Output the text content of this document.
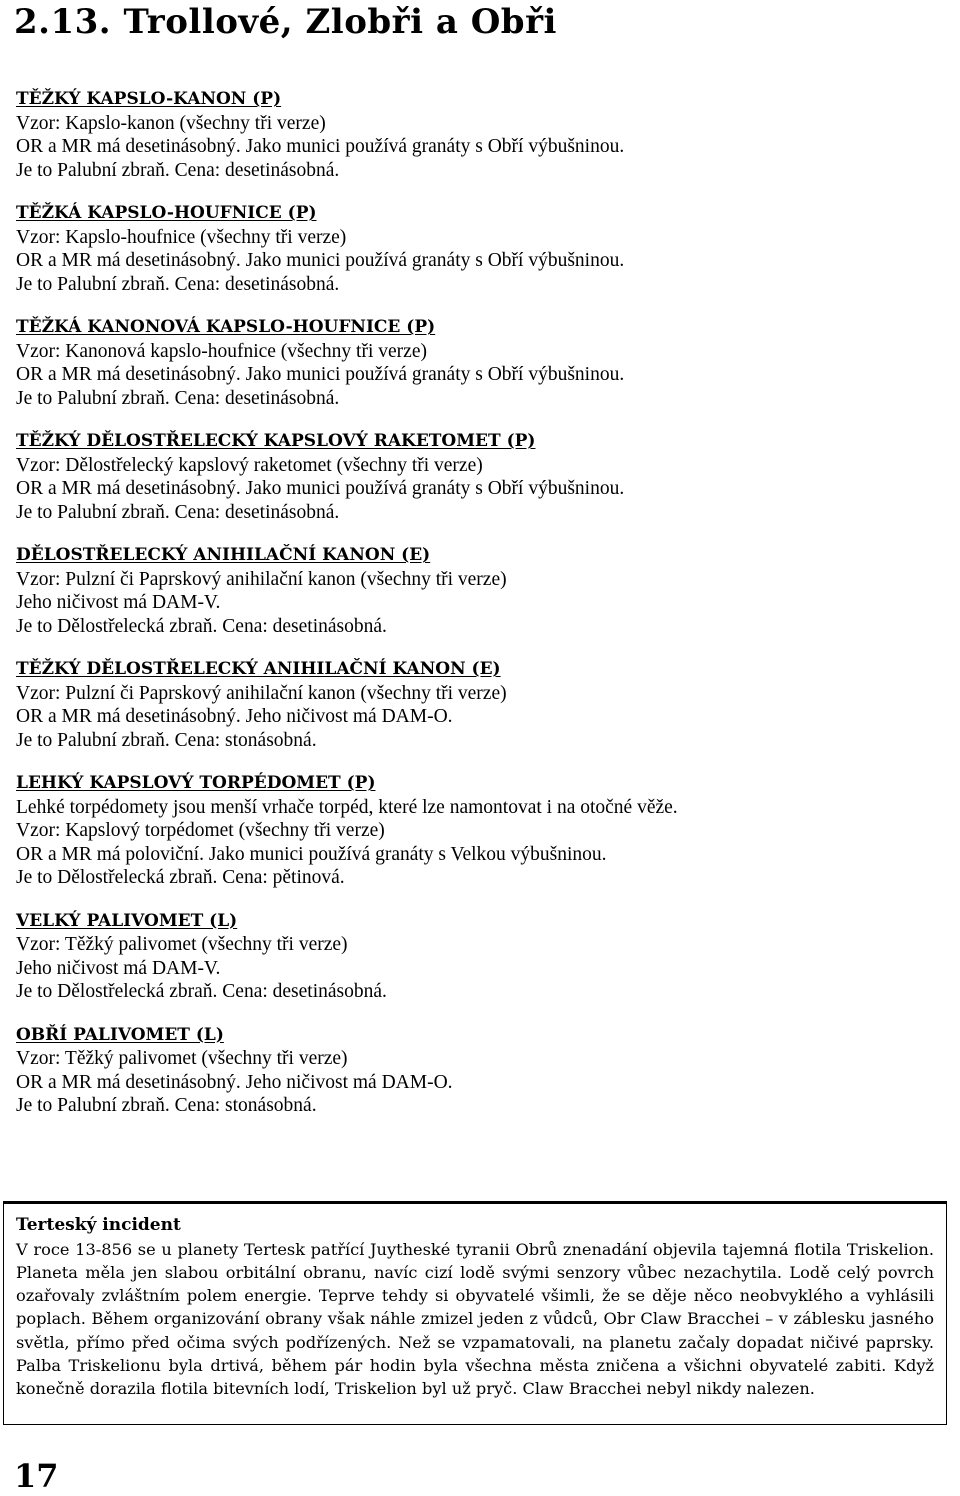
2.13. Trollové, Zlobři a Obři
TĚŽKÝ KAPSLO-KANON (P)
Vzor: Kapslo-kanon (všechny tři verze)
OR a MR má desetinásobný. Jako munici používá granáty s Obří výbušninou.
Je to Palubní zbraň. Cena: desetinásobná.
TĚŽKÁ KAPSLO-HOUFNICE (P)
Vzor: Kapslo-houfnice (všechny tři verze)
OR a MR má desetinásobný. Jako munici používá granáty s Obří výbušninou.
Je to Palubní zbraň. Cena: desetinásobná.
TĚŽKÁ KANONOVÁ KAPSLO-HOUFNICE (P)
Vzor: Kanonová kapslo-houfnice (všechny tři verze)
OR a MR má desetinásobný. Jako munici používá granáty s Obří výbušninou.
Je to Palubní zbraň. Cena: desetinásobná.
TĚŽKÝ DĚLOSTŘELECKÝ KAPSLOVÝ RAKETOMET (P)
Vzor: Dělostřelecký kapslový raketomet (všechny tři verze)
OR a MR má desetinásobný. Jako munici používá granáty s Obří výbušninou.
Je to Palubní zbraň. Cena: desetinásobná.
DĚLOSTŘELECKÝ ANIHILAČNÍ KANON (E)
Vzor: Pulzní či Paprskový anihilační kanon (všechny tři verze)
Jeho ničivost má DAM-V.
Je to Dělostřelecká zbraň. Cena: desetinásobná.
TĚŽKÝ DĚLOSTŘELECKÝ ANIHILAČNÍ KANON (E)
Vzor: Pulzní či Paprskový anihilační kanon (všechny tři verze)
OR a MR má desetinásobný. Jeho ničivost má DAM-O.
Je to Palubní zbraň. Cena: stonásobná.
LEHKÝ KAPSLOVÝ TORPÉDOMET (P)
Lehké torpédomety jsou menší vrhače torpéd, které lze namontovat i na otočné věže.
Vzor: Kapslový torpédomet (všechny tři verze)
OR a MR má poloviční. Jako munici používá granáty s Velkou výbušninou.
Je to Dělostřelecká zbraň. Cena: pětinová.
VELKÝ PALIVOMET (L)
Vzor: Těžký palivomet (všechny tři verze)
Jeho ničivost má DAM-V.
Je to Dělostřelecká zbraň. Cena: desetinásobná.
OBŘÍ PALIVOMET (L)
Vzor: Těžký palivomet (všechny tři verze)
OR a MR má desetinásobný. Jeho ničivost má DAM-O.
Je to Palubní zbraň. Cena: stonásobná.
Terteský incident

V roce 13-856 se u planety Tertesk patřící Juytheské tyranii Obrů znenadání objevila tajemná flotila Triskelion. Planeta měla jen slabou orbitální obranu, navíc cizí lodě svými senzory vůbec nezachytila. Lodě celý povrch ozařovaly zvláštním polem energie. Teprve tehdy si obyvatelé všimli, že se děje něco neobvyklého a vyhlásili poplach. Během organizování obrany však náhle zmizel jeden z vůdců, Obr Claw Bracchei – v záblesku jasného světla, přímo před očima svých podřízených. Než se vzpamatovali, na planetu začaly dopadat ničivé paprsky. Palba Triskelionu byla drtivá, během pár hodin byla všechna města zničena a všichni obyvatelé zabiti. Když konečně dorazila flotila bitevních lodí, Triskelion byl už pryč. Claw Bracchei nebyl nikdy nalezen.

17
